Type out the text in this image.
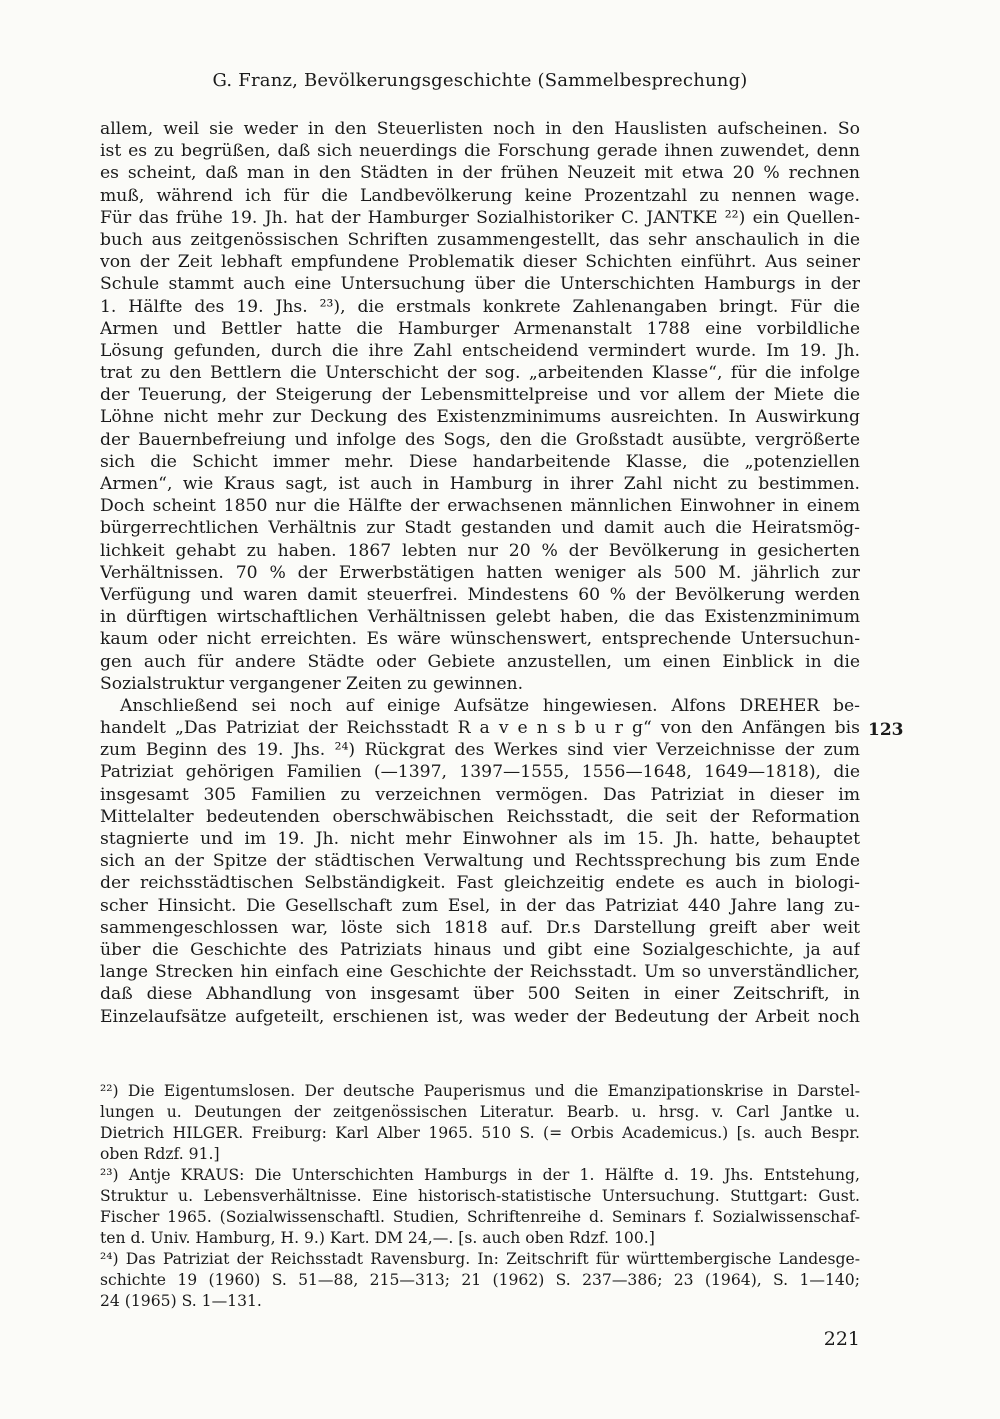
G. Franz, Bevölkerungsgeschichte (Sammelbesprechung)
allem, weil sie weder in den Steuerlisten noch in den Hauslisten aufscheinen. So
ist es zu begrüßen, daß sich neuerdings die Forschung gerade ihnen zuwendet, denn
es scheint, daß man in den Städten in der frühen Neuzeit mit etwa 20 % rechnen
muß, während ich für die Landbevölkerung keine Prozentzahl zu nennen wage.
Für das frühe 19. Jh. hat der Hamburger Sozialhistoriker C. JANTKE ²²) ein Quellen-
buch aus zeitgenössischen Schriften zusammengestellt, das sehr anschaulich in die
von der Zeit lebhaft empfundene Problematik dieser Schichten einführt. Aus seiner
Schule stammt auch eine Untersuchung über die Unterschichten Hamburgs in der
1. Hälfte des 19. Jhs. ²³), die erstmals konkrete Zahlenangaben bringt. Für die
Armen und Bettler hatte die Hamburger Armenanstalt 1788 eine vorbildliche
Lösung gefunden, durch die ihre Zahl entscheidend vermindert wurde. Im 19. Jh.
trat zu den Bettlern die Unterschicht der sog. „arbeitenden Klasse“, für die infolge
der Teuerung, der Steigerung der Lebensmittelpreise und vor allem der Miete die
Löhne nicht mehr zur Deckung des Existenzminimums ausreichten. In Auswirkung
der Bauernbefreiung und infolge des Sogs, den die Großstadt ausübte, vergrößerte
sich die Schicht immer mehr. Diese handarbeitende Klasse, die „potenziellen
Armen“, wie Kraus sagt, ist auch in Hamburg in ihrer Zahl nicht zu bestimmen.
Doch scheint 1850 nur die Hälfte der erwachsenen männlichen Einwohner in einem
bürgerrechtlichen Verhältnis zur Stadt gestanden und damit auch die Heiratsmög-
lichkeit gehabt zu haben. 1867 lebten nur 20 % der Bevölkerung in gesicherten
Verhältnissen. 70 % der Erwerbstätigen hatten weniger als 500 M. jährlich zur
Verfügung und waren damit steuerfrei. Mindestens 60 % der Bevölkerung werden
in dürftigen wirtschaftlichen Verhältnissen gelebt haben, die das Existenzminimum
kaum oder nicht erreichten. Es wäre wünschenswert, entsprechende Untersuchun-
gen auch für andere Städte oder Gebiete anzustellen, um einen Einblick in die
Sozialstruktur vergangener Zeiten zu gewinnen.
Anschließend sei noch auf einige Aufsätze hingewiesen. Alfons DREHER be-
handelt „Das Patriziat der Reichsstadt R a v e n s b u r g“ von den Anfängen bis
zum Beginn des 19. Jhs. ²⁴) Rückgrat des Werkes sind vier Verzeichnisse der zum
Patriziat gehörigen Familien (—1397, 1397—1555, 1556—1648, 1649—1818), die
insgesamt 305 Familien zu verzeichnen vermögen. Das Patriziat in dieser im
Mittelalter bedeutenden oberschwäbischen Reichsstadt, die seit der Reformation
stagnierte und im 19. Jh. nicht mehr Einwohner als im 15. Jh. hatte, behauptet
sich an der Spitze der städtischen Verwaltung und Rechtssprechung bis zum Ende
der reichsstädtischen Selbständigkeit. Fast gleichzeitig endete es auch in biologi-
scher Hinsicht. Die Gesellschaft zum Esel, in der das Patriziat 440 Jahre lang zu-
sammengeschlossen war, löste sich 1818 auf. Dr.s Darstellung greift aber weit
über die Geschichte des Patriziats hinaus und gibt eine Sozialgeschichte, ja auf
lange Strecken hin einfach eine Geschichte der Reichsstadt. Um so unverständlicher,
daß diese Abhandlung von insgesamt über 500 Seiten in einer Zeitschrift, in
Einzelaufsätze aufgeteilt, erschienen ist, was weder der Bedeutung der Arbeit noch
123
²²) Die Eigentumslosen. Der deutsche Pauperismus und die Emanzipationskrise in Darstel-
lungen u. Deutungen der zeitgenössischen Literatur. Bearb. u. hrsg. v. Carl Jantke u.
Dietrich HILGER. Freiburg: Karl Alber 1965. 510 S. (= Orbis Academicus.) [s. auch Bespr.
oben Rdzf. 91.]
²³) Antje KRAUS: Die Unterschichten Hamburgs in der 1. Hälfte d. 19. Jhs. Entstehung,
Struktur u. Lebensverhältnisse. Eine historisch-statistische Untersuchung. Stuttgart: Gust.
Fischer 1965. (Sozialwissenschaftl. Studien, Schriftenreihe d. Seminars f. Sozialwissenschaf-
ten d. Univ. Hamburg, H. 9.) Kart. DM 24,—. [s. auch oben Rdzf. 100.]
²⁴) Das Patriziat der Reichsstadt Ravensburg. In: Zeitschrift für württembergische Landesge-
schichte 19 (1960) S. 51—88, 215—313; 21 (1962) S. 237—386; 23 (1964), S. 1—140;
24 (1965) S. 1—131.
221
